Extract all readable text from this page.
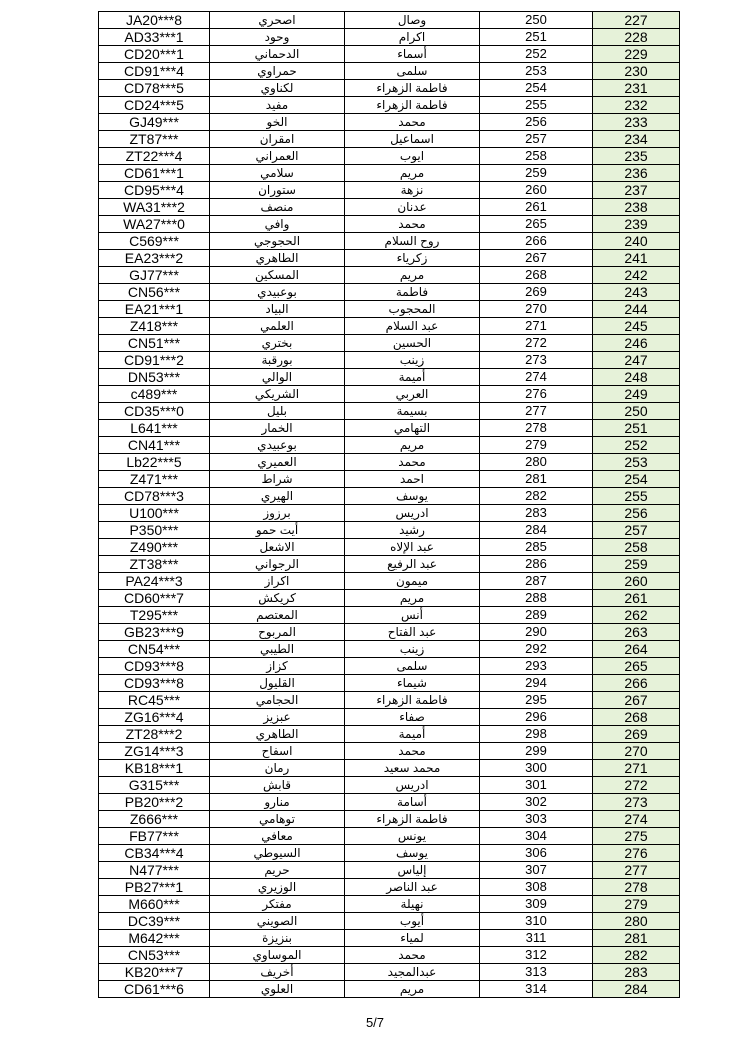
JA20***8	اصحري	وصال	250	227
AD33***1	وحود	اكرام	251	228
CD20***1	الدحماني	أسماء	252	229
CD91***4	حمراوي	سلمى	253	230
CD78***5	لكناوي	فاطمة الزهراء	254	231
CD24***5	مفيد	فاطمة الزهراء	255	232
GJ49***	الخو	محمد	256	233
ZT87***	امقران	اسماعيل	257	234
ZT22***4	العمراني	ايوب	258	235
CD61***1	سلامي	مريم	259	236
CD95***4	ستوران	نزهة	260	237
WA31***2	منصف	عدنان	261	238
WA27***0	وافي	محمد	265	239
C569***	الحجوجي	روح السلام	266	240
EA23***2	الطاهري	زكرياء	267	241
GJ77***	المسكين	مريم	268	242
CN56***	بوعبيدي	فاطمة	269	243
EA21***1	البياد	المحجوب	270	244
Z418***	العلمي	عبد السلام	271	245
CN51***	بختري	الحسين	272	246
CD91***2	بورقبة	زينب	273	247
DN53***	الوالي	أميمة	274	248
c489***	الشريكي	العربي	276	249
CD35***0	بليل	بسيمة	277	250
L641***	الخمار	التهامي	278	251
CN41***	بوعبيدي	مريم	279	252
Lb22***5	العميري	محمد	280	253
Z471***	شراط	احمد	281	254
CD78***3	الهيري	يوسف	282	255
U100***	برزوز	ادريس	283	256
P350***	أيت حمو	رشيد	284	257
Z490***	الاشعل	عبد الإلاه	285	258
ZT38***	الرجواني	عبد الرفيع	286	259
PA24***3	اكراز	ميمون	287	260
CD60***7	كريكش	مريم	288	261
T295***	المعتصم	أنس	289	262
GB23***9	المربوح	عبد الفتاح	290	263
CN54***	الطيبي	زينب	292	264
CD93***8	كزاز	سلمى	293	265
CD93***8	القليول	شيماء	294	266
RC45***	الحجامي	فاطمة الزهراء	295	267
ZG16***4	عبزيز	صفاء	296	268
ZT28***2	الطاهري	أميمة	298	269
ZG14***3	اسفاح	محمد	299	270
KB18***1	رمان	محمد سعيد	300	271
G315***	قابش	ادريس	301	272
PB20***2	منارو	أسامة	302	273
Z666***	توهامي	فاطمة الزهراء	303	274
FB77***	معافي	يونس	304	275
CB34***4	السيوطي	يوسف	306	276
N477***	حريم	إلياس	307	277
PB27***1	الوزيري	عبد الناصر	308	278
M660***	مفتكر	نهيلة	309	279
DC39***	الصويني	أيوب	310	280
M642***	بنزيزة	لمياء	311	281
CN53***	الموساوي	محمد	312	282
KB20***7	أخريف	عبدالمجيد	313	283
CD61***6	العلوي	مريم	314	284
5/7
